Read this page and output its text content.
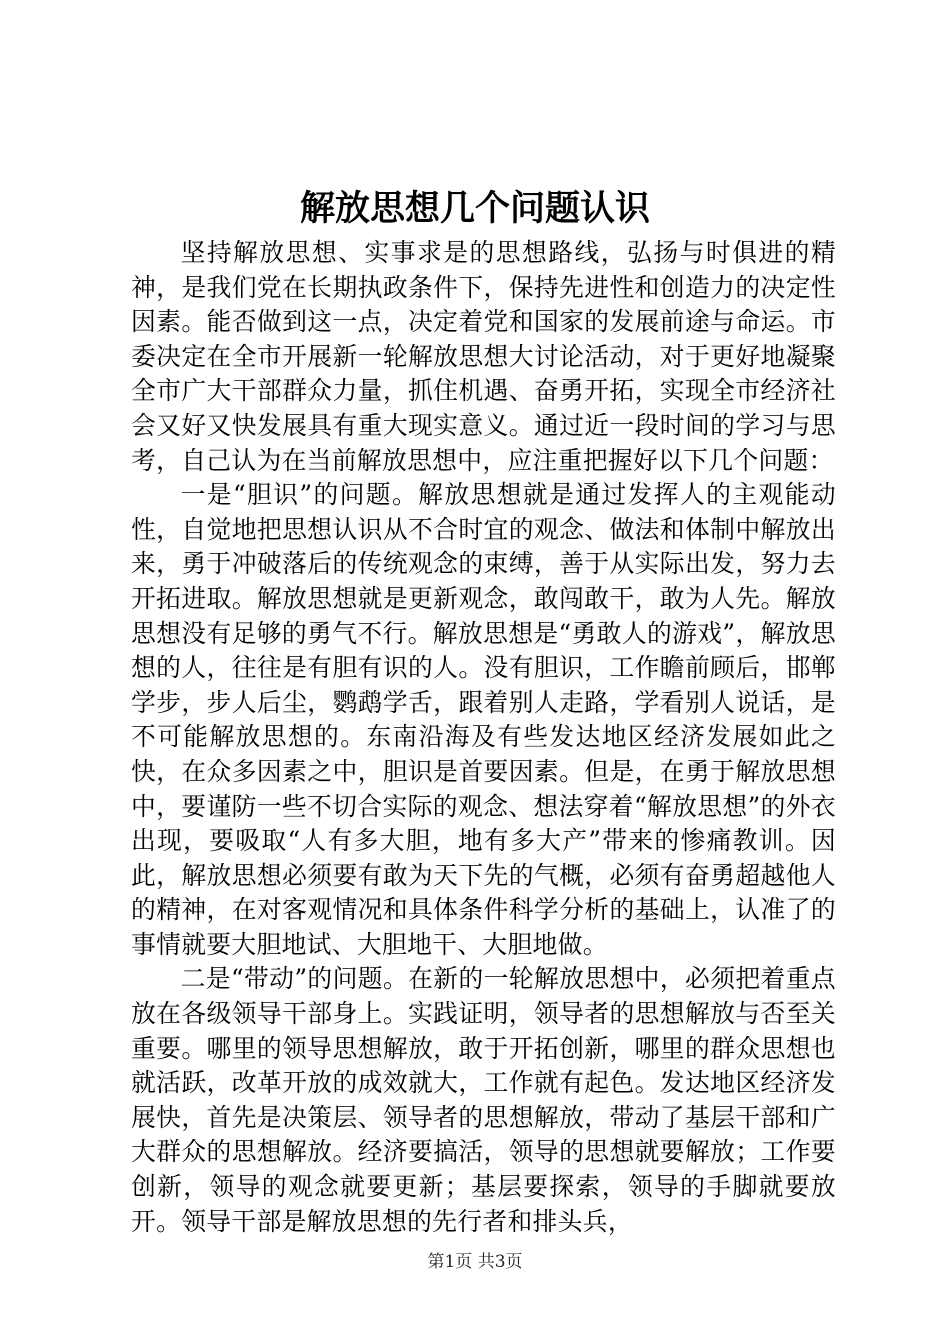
解放思想几个问题认识

坚持解放思想、实事求是的思想路线，弘扬与时俱进的精神，是我们党在长期执政条件下，保持先进性和创造力的决定性因素。能否做到这一点，决定着党和国家的发展前途与命运。市委决定在全市开展新一轮解放思想大讨论活动，对于更好地凝聚全市广大干部群众力量，抓住机遇、奋勇开拓，实现全市经济社会又好又快发展具有重大现实意义。通过近一段时间的学习与思考，自己认为在当前解放思想中，应注重把握好以下几个问题：

一是“胆识”的问题。解放思想就是通过发挥人的主观能动性，自觉地把思想认识从不合时宜的观念、做法和体制中解放出来，勇于冲破落后的传统观念的束缚，善于从实际出发，努力去开拓进取。解放思想就是更新观念，敢闯敢干，敢为人先。解放思想没有足够的勇气不行。解放思想是“勇敢人的游戏”，解放思想的人，往往是有胆有识的人。没有胆识，工作瞻前顾后，邯郸学步，步人后尘，鹦鹉学舌，跟着别人走路，学看别人说话，是不可能解放思想的。东南沿海及有些发达地区经济发展如此之快，在众多因素之中，胆识是首要因素。但是，在勇于解放思想中，要谨防一些不切合实际的观念、想法穿着“解放思想”的外衣出现，要吸取“人有多大胆，地有多大产”带来的惨痛教训。因此，解放思想必须要有敢为天下先的气概，必须有奋勇超越他人的精神，在对客观情况和具体条件科学分析的基础上，认准了的事情就要大胆地试、大胆地干、大胆地做。

二是“带动”的问题。在新的一轮解放思想中，必须把着重点放在各级领导干部身上。实践证明，领导者的思想解放与否至关重要。哪里的领导思想解放，敢于开拓创新，哪里的群众思想也就活跃，改革开放的成效就大，工作就有起色。发达地区经济发展快，首先是决策层、领导者的思想解放，带动了基层干部和广大群众的思想解放。经济要搞活，领导的思想就要解放；工作要创新，领导的观念就要更新；基层要探索，领导的手脚就要放开。领导干部是解放思想的先行者和排头兵，

第1页 共3页
